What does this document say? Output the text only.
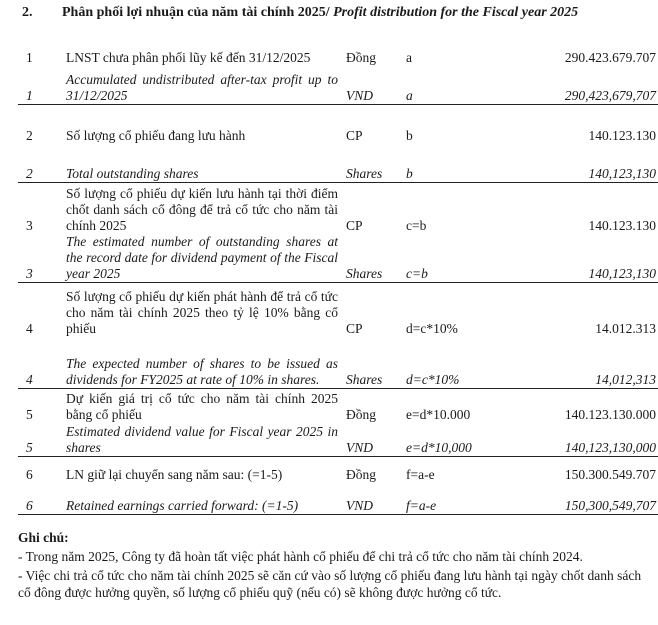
2. Phân phối lợi nhuận của năm tài chính 2025/ Profit distribution for the Fiscal year 2025
1	LNST chưa phân phối lũy kế đến 31/12/2025	Đồng	a	290.423.679.707
1	Accumulated undistributed after-tax profit up to 31/12/2025	VND	a	290,423,679,707
2	Số lượng cổ phiếu đang lưu hành	CP	b	140.123.130
2	Total outstanding shares	Shares	b	140,123,130
3	Số lượng cổ phiếu dự kiến lưu hành tại thời điểm chốt danh sách cổ đông để trả cổ tức cho năm tài chính 2025	CP	c=b	140.123.130
3	The estimated number of outstanding shares at the record date for dividend payment of the Fiscal year 2025	Shares	c=b	140,123,130
4	Số lượng cổ phiếu dự kiến phát hành để trả cổ tức cho năm tài chính 2025 theo tỷ lệ 10% bằng cổ phiếu	CP	d=c*10%	14.012.313
4	The expected number of shares to be issued as dividends for FY2025 at rate of 10% in shares.	Shares	d=c*10%	14,012,313
5	Dự kiến giá trị cổ tức cho năm tài chính 2025 bằng cổ phiếu	Đồng	e=d*10.000	140.123.130.000
5	Estimated dividend value for Fiscal year 2025 in shares	VND	e=d*10,000	140,123,130,000
6	LN giữ lại chuyển sang năm sau: (=1-5)	Đồng	f=a-e	150.300.549.707
6	Retained earnings carried forward: (=1-5)	VND	f=a-e	150,300,549,707
Ghi chú:

- Trong năm 2025, Công ty đã hoàn tất việc phát hành cổ phiếu để chi trả cổ tức cho năm tài chính 2024.

- Việc chi trả cổ tức cho năm tài chính 2025 sẽ căn cứ vào số lượng cổ phiếu đang lưu hành tại ngày chốt danh sách cổ đông được hưởng quyền, số lượng cổ phiếu quỹ (nếu có) sẽ không được hưởng cổ tức.
